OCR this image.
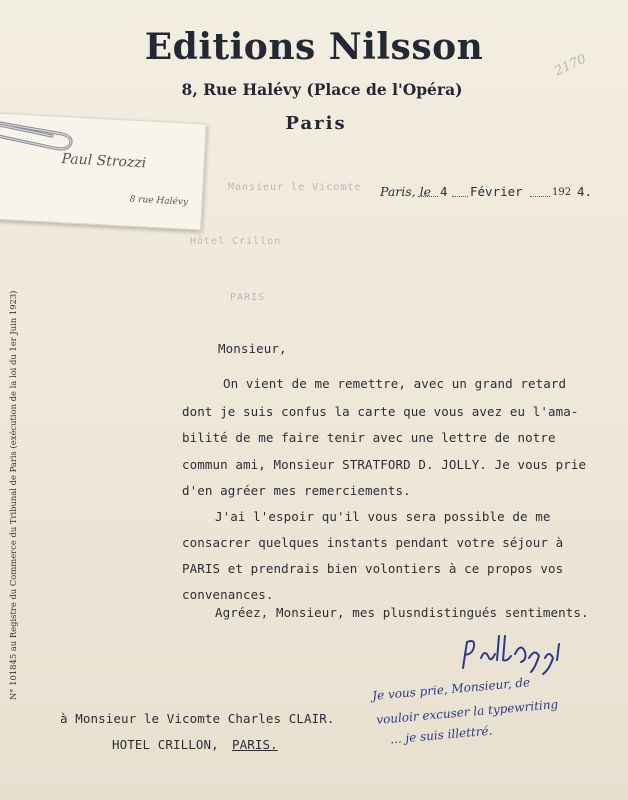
Editions Nilsson
8, Rue Halévy (Place de l'Opéra)
Paris
2170
Paul Strozzi
8 rue Halévy
Paris, le 4 Février	192 4.
Monsieur le Vicomte
Hôtel Crillon
PARIS
Monsieur,
On vient de me remettre, avec un grand retard
dont je suis confus la carte que vous avez eu l'ama-
bilité de me faire tenir avec une lettre de notre
commun ami, Monsieur STRATFORD D. JOLLY. Je vous prie
d'en agréer mes remerciements.
J'ai l'espoir qu'il vous sera possible de me
consacrer quelques instants pendant votre séjour à
PARIS et prendrais bien volontiers à ce propos vos
convenances.
Agréez, Monsieur, mes plusndistingués sentiments.
Je vous prie, Monsieur, de
vouloir excuser la typewriting
... je suis illettré.
à Monsieur le Vicomte Charles CLAIR.
HOTEL CRILLON, PARIS.
N° 101845 au Registre du Commerce du Tribunal de Paris (exécution de la loi du 1er Juin 1923)
